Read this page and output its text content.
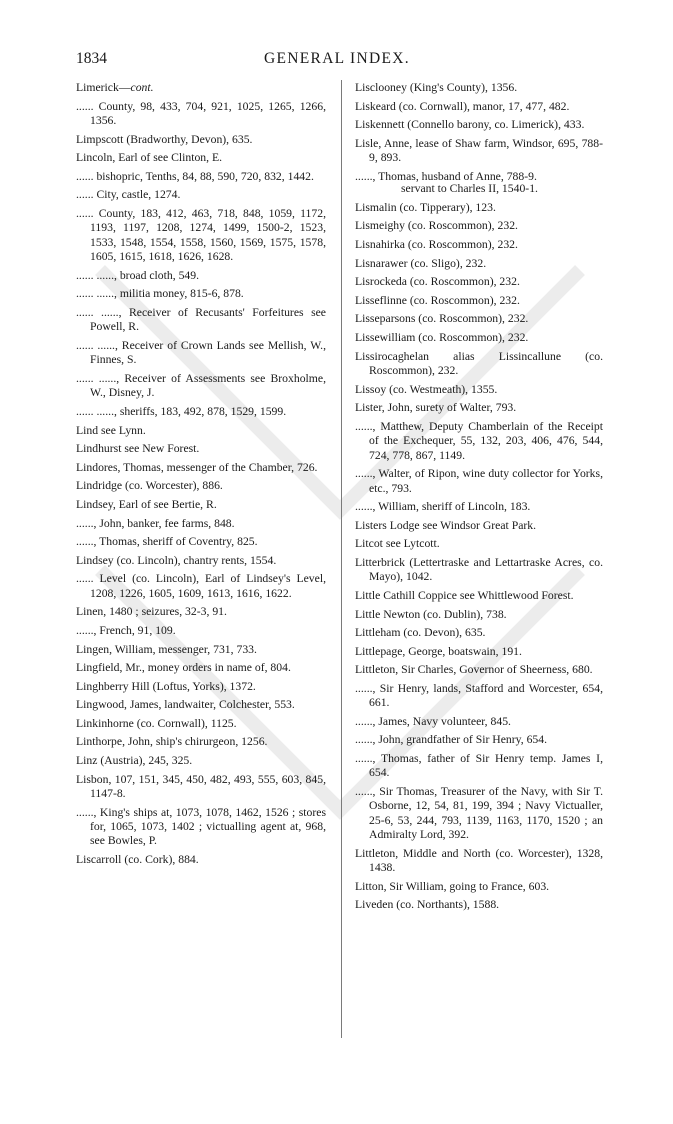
1834	GENERAL INDEX.
Limerick—cont.
...... County, 98, 433, 704, 921, 1025, 1265, 1266, 1356.
Limpscott (Bradworthy, Devon), 635.
Lincoln, Earl of see Clinton, E.
...... bishopric, Tenths, 84, 88, 590, 720, 832, 1442.
...... City, castle, 1274.
...... County, 183, 412, 463, 718, 848, 1059, 1172, 1193, 1197, 1208, 1274, 1499, 1500-2, 1523, 1533, 1548, 1554, 1558, 1560, 1569, 1575, 1578, 1605, 1615, 1618, 1626, 1628.
...... ......, broad cloth, 549.
...... ......, militia money, 815-6, 878.
...... ......, Receiver of Recusants' Forfeitures see Powell, R.
...... ......, Receiver of Crown Lands see Mellish, W., Finnes, S.
...... ......, Receiver of Assessments see Broxholme, W., Disney, J.
...... ......, sheriffs, 183, 492, 878, 1529, 1599.
Lind see Lynn.
Lindhurst see New Forest.
Lindores, Thomas, messenger of the Chamber, 726.
Lindridge (co. Worcester), 886.
Lindsey, Earl of see Bertie, R.
......, John, banker, fee farms, 848.
......, Thomas, sheriff of Coventry, 825.
Lindsey (co. Lincoln), chantry rents, 1554.
...... Level (co. Lincoln), Earl of Lindsey's Level, 1208, 1226, 1605, 1609, 1613, 1616, 1622.
Linen, 1480 ; seizures, 32-3, 91.
......, French, 91, 109.
Lingen, William, messenger, 731, 733.
Lingfield, Mr., money orders in name of, 804.
Linghberry Hill (Loftus, Yorks), 1372.
Lingwood, James, landwaiter, Colchester, 553.
Linkinhorne (co. Cornwall), 1125.
Linthorpe, John, ship's chirurgeon, 1256.
Linz (Austria), 245, 325.
Lisbon, 107, 151, 345, 450, 482, 493, 555, 603, 845, 1147-8.
......, King's ships at, 1073, 1078, 1462, 1526 ; stores for, 1065, 1073, 1402 ; victualling agent at, 968, see Bowles, P.
Liscarroll (co. Cork), 884.
Lisclooney (King's County), 1356.
Liskeard (co. Cornwall), manor, 17, 477, 482.
Liskennett (Connello barony, co. Limerick), 433.
Lisle, Anne, lease of Shaw farm, Windsor, 695, 788-9, 893.
......, Thomas, husband of Anne, 788-9.
servant to Charles II, 1540-1.
Lismalin (co. Tipperary), 123.
Lismeighy (co. Roscommon), 232.
Lisnahirka (co. Roscommon), 232.
Lisnarawer (co. Sligo), 232.
Lisrockeda (co. Roscommon), 232.
Lisseflinne (co. Roscommon), 232.
Lisseparsons (co. Roscommon), 232.
Lissewilliam (co. Roscommon), 232.
Lissirocaghelan alias Lissincallune (co. Roscommon), 232.
Lissoy (co. Westmeath), 1355.
Lister, John, surety of Walter, 793.
......, Matthew, Deputy Chamberlain of the Receipt of the Exchequer, 55, 132, 203, 406, 476, 544, 724, 778, 867, 1149.
......, Walter, of Ripon, wine duty collector for Yorks, etc., 793.
......, William, sheriff of Lincoln, 183.
Listers Lodge see Windsor Great Park.
Litcot see Lytcott.
Litterbrick (Lettertraske and Lettartraske Acres, co. Mayo), 1042.
Little Cathill Coppice see Whittlewood Forest.
Little Newton (co. Dublin), 738.
Littleham (co. Devon), 635.
Littlepage, George, boatswain, 191.
Littleton, Sir Charles, Governor of Sheerness, 680.
......, Sir Henry, lands, Stafford and Worcester, 654, 661.
......, James, Navy volunteer, 845.
......, John, grandfather of Sir Henry, 654.
......, Thomas, father of Sir Henry temp. James I, 654.
......, Sir Thomas, Treasurer of the Navy, with Sir T. Osborne, 12, 54, 81, 199, 394 ; Navy Victualler, 25-6, 53, 244, 793, 1139, 1163, 1170, 1520 ; an Admiralty Lord, 392.
Littleton, Middle and North (co. Worcester), 1328, 1438.
Litton, Sir William, going to France, 603.
Liveden (co. Northants), 1588.
